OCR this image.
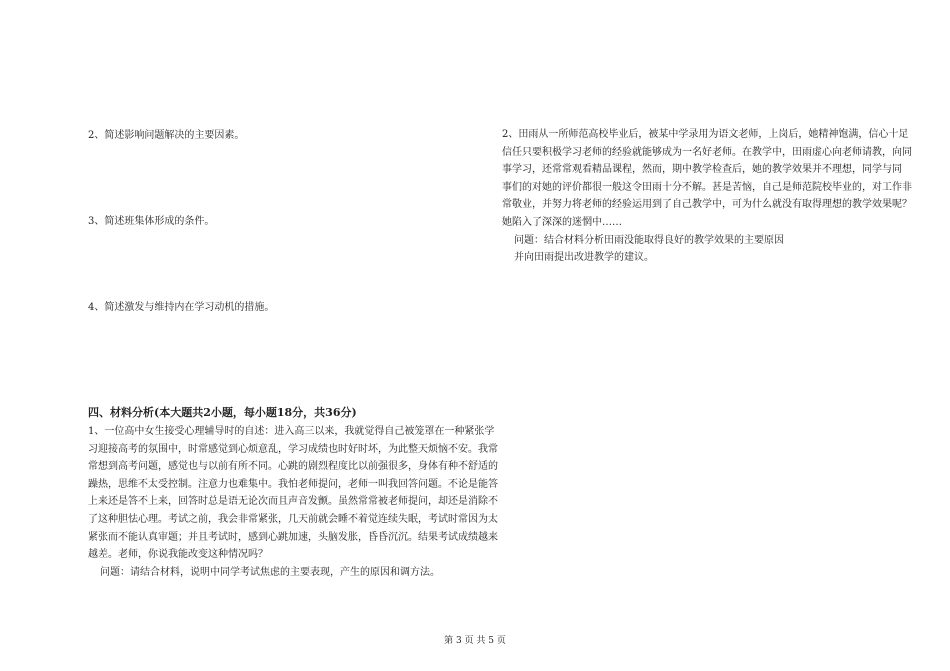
2、简述影响问题解决的主要因素。
3、简述班集体形成的条件。
4、简述激发与维持内在学习动机的措施。
四、材料分析(本大题共2小题，每小题18分，共36分)
1、一位高中女生接受心理辅导时的自述：进入高三以来，我就觉得自己被笼罩在一种紧张学
习迎接高考的氛围中，时常感觉到心烦意乱，学习成绩也时好时坏，为此整天烦恼不安。我常
常想到高考问题，感觉也与以前有所不同。心跳的剧烈程度比以前强很多，身体有种不舒适的
躁热，思维不太受控制。注意力也难集中。我怕老师提问，老师一叫我回答问题。不论是能答
上来还是答不上来，回答时总是语无论次而且声音发颤。虽然常常被老师提问，却还是消除不
了这种胆怯心理。考试之前，我会非常紧张，几天前就会睡不着觉连续失眠，考试时常因为太
紧张而不能认真审题；并且考试时，感到心跳加速，头脑发胀，昏昏沉沉。结果考试成绩越来
越差。老师，你说我能改变这种情况吗？
问题：请结合材料，说明中同学考试焦虑的主要表现，产生的原因和调方法。
2、田雨从一所师范高校毕业后，被某中学录用为语文老师，上岗后，她精神饱满，信心十足
信任只要积极学习老师的经验就能够成为一名好老师。在教学中，田雨虚心向老师请教，向同
事学习，还常常观看精品课程，然而，期中教学检查后，她的教学效果并不理想，同学与同
事们的对她的评价都很一般这令田雨十分不解。甚是苦恼，自己是师范院校毕业的，对工作非
常敬业，并努力将老师的经验运用到了自己教学中，可为什么就没有取得理想的教学效果呢？
她陷入了深深的迷惘中……
问题：结合材料分析田雨没能取得良好的教学效果的主要原因
并向田雨提出改进教学的建议。
第 3 页 共 5 页
